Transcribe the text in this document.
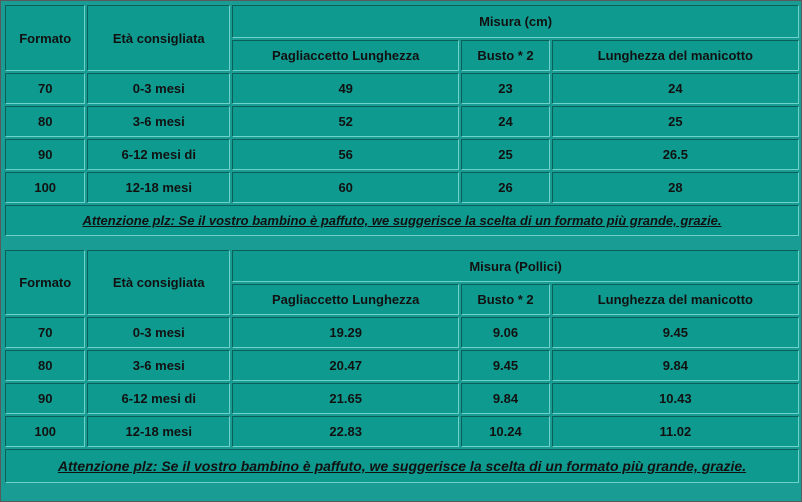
Formato	Età consigliata	Misura (cm)		
		Pagliaccetto Lunghezza	Busto * 2	Lunghezza del manicotto
70	0-3 mesi	49	23	24
80	3-6 mesi	52	24	25
90	6-12 mesi di	56	25	26.5
100	12-18 mesi	60	26	28
Attenzione plz: Se il vostro bambino è paffuto, we suggerisce la scelta di un formato più grande, grazie.				
Formato	Età consigliata	Misura (Pollici)		
		Pagliaccetto Lunghezza	Busto * 2	Lunghezza del manicotto
70	0-3 mesi	19.29	9.06	9.45
80	3-6 mesi	20.47	9.45	9.84
90	6-12 mesi di	21.65	9.84	10.43
100	12-18 mesi	22.83	10.24	11.02
Attenzione plz: Se il vostro bambino è paffuto, we suggerisce la scelta di un formato più grande, grazie.				
